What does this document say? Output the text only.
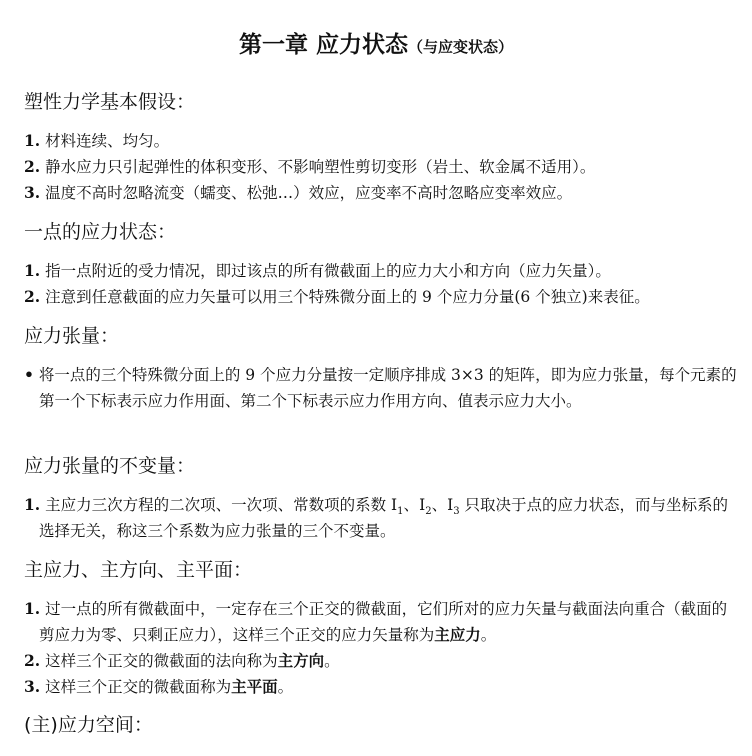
第一章 应力状态（与应变状态）
塑性力学基本假设：
1. 材料连续、均匀。
2. 静水应力只引起弹性的体积变形、不影响塑性剪切变形（岩土、软金属不适用）。
3. 温度不高时忽略流变（蠕变、松弛…）效应，应变率不高时忽略应变率效应。
一点的应力状态：
1. 指一点附近的受力情况，即过该点的所有微截面上的应力大小和方向（应力矢量）。
2. 注意到任意截面的应力矢量可以用三个特殊微分面上的 9 个应力分量(6 个独立)来表征。
应力张量：
• 将一点的三个特殊微分面上的 9 个应力分量按一定顺序排成 3×3 的矩阵，即为应力张量，每个元素的第一个下标表示应力作用面、第二个下标表示应力作用方向、值表示应力大小。
应力张量的不变量：
1. 主应力三次方程的二次项、一次项、常数项的系数 $I_1$、$I_2$、$I_3$ 只取决于点的应力状态，而与坐标系的选择无关，称这三个系数为应力张量的三个不变量。
主应力、主方向、主平面：
1. 过一点的所有微截面中，一定存在三个正交的微截面，它们所对的应力矢量与截面法向重合（截面的剪应力为零、只剩正应力），这样三个正交的应力矢量称为主应力。
2. 这样三个正交的微截面的法向称为主方向。
3. 这样三个正交的微截面称为主平面。
(主)应力空间：
